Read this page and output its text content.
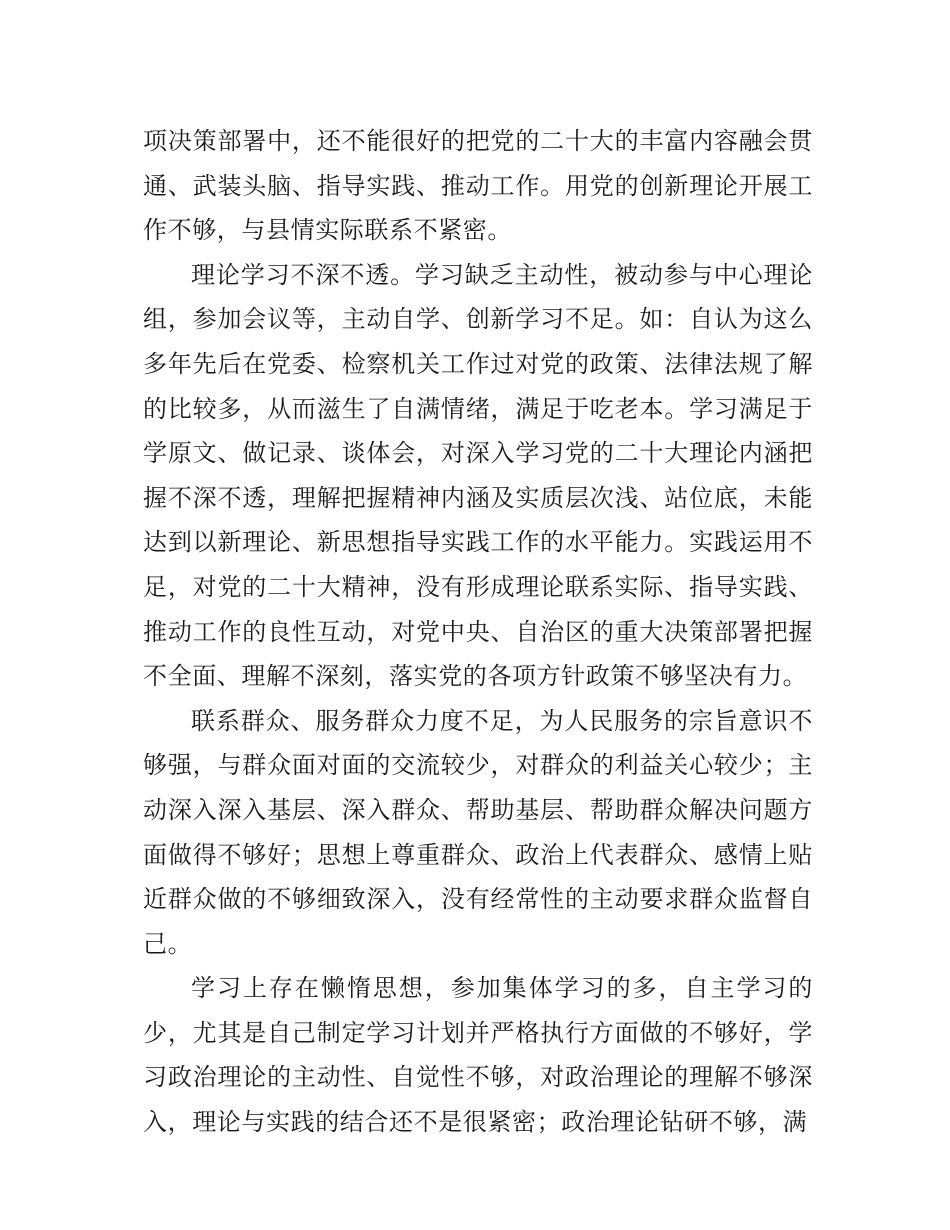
项决策部署中，还不能很好的把党的二十大的丰富内容融会贯通、武装头脑、指导实践、推动工作。用党的创新理论开展工作不够，与县情实际联系不紧密。

理论学习不深不透。学习缺乏主动性，被动参与中心理论组，参加会议等，主动自学、创新学习不足。如：自认为这么多年先后在党委、检察机关工作过对党的政策、法律法规了解的比较多，从而滋生了自满情绪，满足于吃老本。学习满足于学原文、做记录、谈体会，对深入学习党的二十大理论内涵把握不深不透，理解把握精神内涵及实质层次浅、站位底，未能达到以新理论、新思想指导实践工作的水平能力。实践运用不足，对党的二十大精神，没有形成理论联系实际、指导实践、推动工作的良性互动，对党中央、自治区的重大决策部署把握不全面、理解不深刻，落实党的各项方针政策不够坚决有力。

联系群众、服务群众力度不足，为人民服务的宗旨意识不够强，与群众面对面的交流较少，对群众的利益关心较少；主动深入深入基层、深入群众、帮助基层、帮助群众解决问题方面做得不够好；思想上尊重群众、政治上代表群众、感情上贴近群众做的不够细致深入，没有经常性的主动要求群众监督自己。

学习上存在懒惰思想，参加集体学习的多，自主学习的少，尤其是自己制定学习计划并严格执行方面做的不够好，学习政治理论的主动性、自觉性不够，对政治理论的理解不够深入，理论与实践的结合还不是很紧密；政治理论钻研不够，满
